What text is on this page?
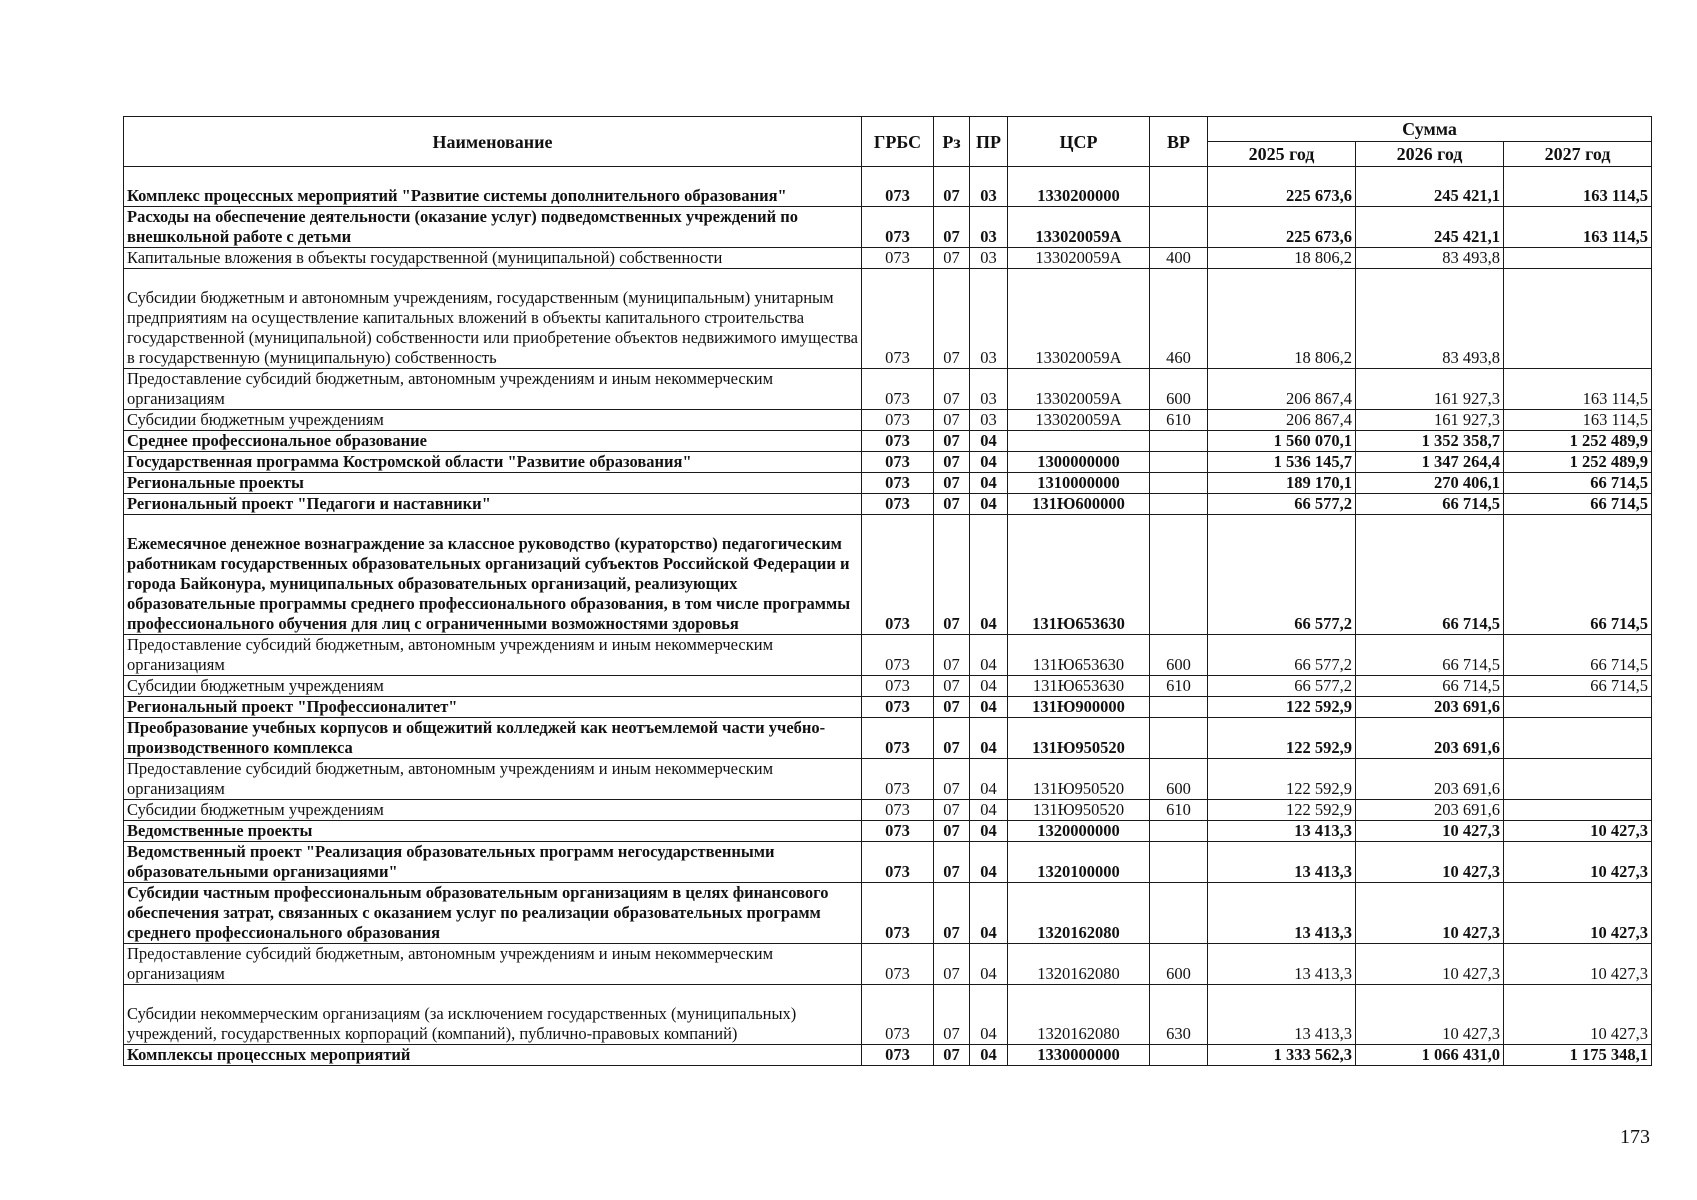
Наименование	ГРБС	Рз	ПР	ЦСР	ВР	Сумма		
						2025 год	2026 год	2027 год
Комплекс процессных мероприятий "Развитие системы дополнительного образования"	073	07	03	1330200000		225 673,6	245 421,1	163 114,5
Расходы на обеспечение деятельности (оказание услуг) подведомственных учреждений по внешкольной работе с детьми	073	07	03	133020059А		225 673,6	245 421,1	163 114,5
Капитальные вложения в объекты государственной (муниципальной) собственности	073	07	03	133020059А	400	18 806,2	83 493,8	
Субсидии бюджетным и автономным учреждениям, государственным (муниципальным) унитарным предприятиям на осуществление капитальных вложений в объекты капитального строительства государственной (муниципальной) собственности или приобретение объектов недвижимого имущества в государственную (муниципальную) собственность	073	07	03	133020059А	460	18 806,2	83 493,8	
Предоставление субсидий бюджетным, автономным учреждениям и иным некоммерческим организациям	073	07	03	133020059А	600	206 867,4	161 927,3	163 114,5
Субсидии бюджетным учреждениям	073	07	03	133020059А	610	206 867,4	161 927,3	163 114,5
Среднее профессиональное образование	073	07	04			1 560 070,1	1 352 358,7	1 252 489,9
Государственная программа Костромской области "Развитие образования"	073	07	04	1300000000		1 536 145,7	1 347 264,4	1 252 489,9
Региональные проекты	073	07	04	1310000000		189 170,1	270 406,1	66 714,5
Региональный проект "Педагоги и наставники"	073	07	04	131Ю600000		66 577,2	66 714,5	66 714,5
Ежемесячное денежное вознаграждение за классное руководство (кураторство) педагогическим работникам государственных образовательных организаций субъектов Российской Федерации и города Байконура, муниципальных образовательных организаций, реализующих образовательные программы среднего профессионального образования, в том числе программы профессионального обучения для лиц с ограниченными возможностями здоровья	073	07	04	131Ю653630		66 577,2	66 714,5	66 714,5
Предоставление субсидий бюджетным, автономным учреждениям и иным некоммерческим организациям	073	07	04	131Ю653630	600	66 577,2	66 714,5	66 714,5
Субсидии бюджетным учреждениям	073	07	04	131Ю653630	610	66 577,2	66 714,5	66 714,5
Региональный проект "Профессионалитет"	073	07	04	131Ю900000		122 592,9	203 691,6	
Преобразование учебных корпусов и общежитий колледжей как неотъемлемой части учебно-производственного комплекса	073	07	04	131Ю950520		122 592,9	203 691,6	
Предоставление субсидий бюджетным, автономным учреждениям и иным некоммерческим организациям	073	07	04	131Ю950520	600	122 592,9	203 691,6	
Субсидии бюджетным учреждениям	073	07	04	131Ю950520	610	122 592,9	203 691,6	
Ведомственные проекты	073	07	04	1320000000		13 413,3	10 427,3	10 427,3
Ведомственный проект "Реализация образовательных программ негосударственными образовательными организациями"	073	07	04	1320100000		13 413,3	10 427,3	10 427,3
Субсидии частным профессиональным образовательным организациям в целях финансового обеспечения затрат, связанных с оказанием услуг по реализации образовательных программ среднего профессионального образования	073	07	04	1320162080		13 413,3	10 427,3	10 427,3
Предоставление субсидий бюджетным, автономным учреждениям и иным некоммерческим организациям	073	07	04	1320162080	600	13 413,3	10 427,3	10 427,3
Субсидии некоммерческим организациям (за исключением государственных (муниципальных) учреждений, государственных корпораций (компаний), публично-правовых компаний)	073	07	04	1320162080	630	13 413,3	10 427,3	10 427,3
Комплексы процессных мероприятий	073	07	04	1330000000		1 333 562,3	1 066 431,0	1 175 348,1
173
